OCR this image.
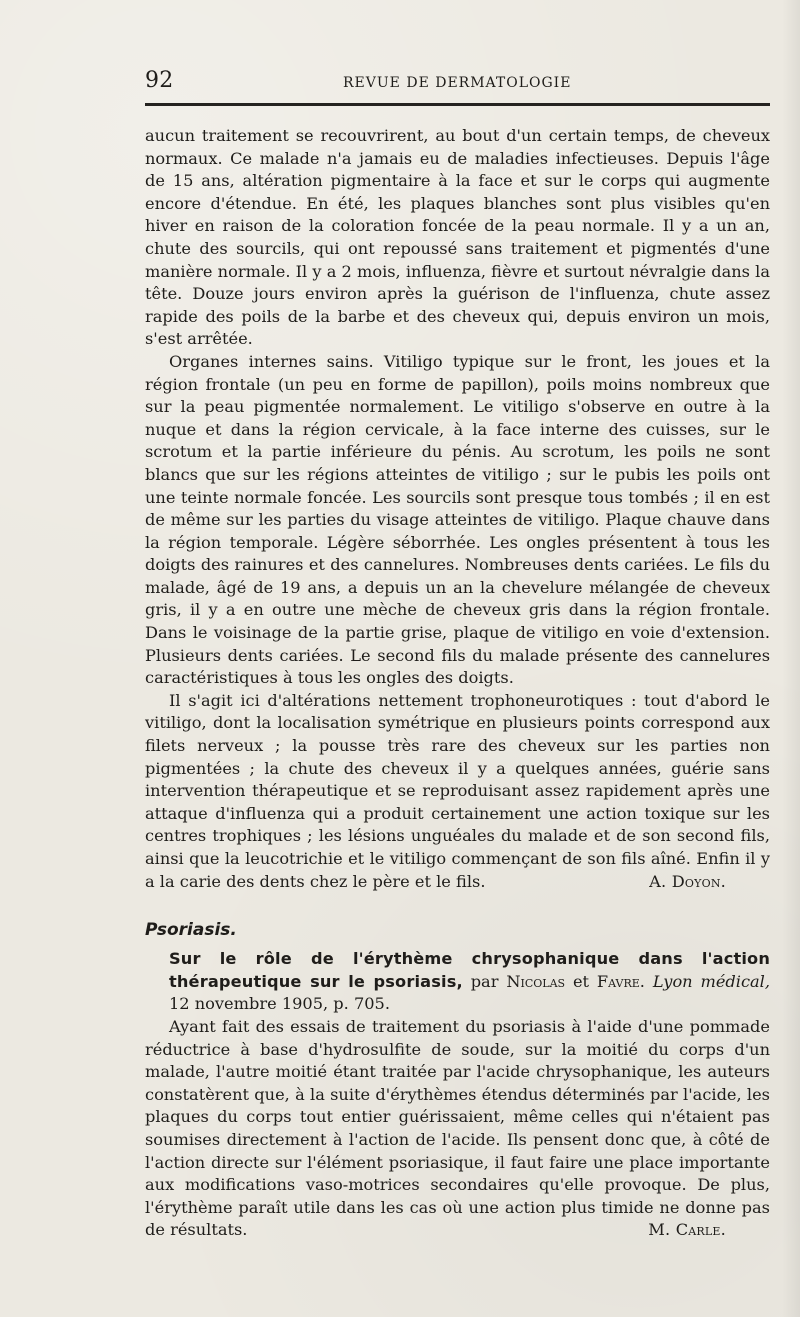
92	REVUE DE DERMATOLOGIE

aucun traitement se recouvrirent, au bout d'un certain temps, de cheveux normaux. Ce malade n'a jamais eu de maladies infectieuses. Depuis l'âge de 15 ans, altération pigmentaire à la face et sur le corps qui augmente encore d'étendue. En été, les plaques blanches sont plus visibles qu'en hiver en raison de la coloration foncée de la peau normale. Il y a un an, chute des sourcils, qui ont repoussé sans traitement et pigmentés d'une manière normale. Il y a 2 mois, influenza, fièvre et surtout névralgie dans la tête. Douze jours environ après la guérison de l'influenza, chute assez rapide des poils de la barbe et des cheveux qui, depuis environ un mois, s'est arrêtée.

Organes internes sains. Vitiligo typique sur le front, les joues et la région frontale (un peu en forme de papillon), poils moins nombreux que sur la peau pigmentée normalement. Le vitiligo s'observe en outre à la nuque et dans la région cervicale, à la face interne des cuisses, sur le scrotum et la partie inférieure du pénis. Au scrotum, les poils ne sont blancs que sur les régions atteintes de vitiligo ; sur le pubis les poils ont une teinte normale foncée. Les sourcils sont presque tous tombés ; il en est de même sur les parties du visage atteintes de vitiligo. Plaque chauve dans la région temporale. Légère séborrhée. Les ongles présentent à tous les doigts des rainures et des cannelures. Nombreuses dents cariées. Le fils du malade, âgé de 19 ans, a depuis un an la chevelure mélangée de cheveux gris, il y a en outre une mèche de cheveux gris dans la région frontale. Dans le voisinage de la partie grise, plaque de vitiligo en voie d'extension. Plusieurs dents cariées. Le second fils du malade présente des cannelures caractéristiques à tous les ongles des doigts.

Il s'agit ici d'altérations nettement trophoneurotiques : tout d'abord le vitiligo, dont la localisation symétrique en plusieurs points correspond aux filets nerveux ; la pousse très rare des cheveux sur les parties non pigmentées ; la chute des cheveux il y a quelques années, guérie sans intervention thérapeutique et se reproduisant assez rapidement après une attaque d'influenza qui a produit certainement une action toxique sur les centres trophiques ; les lésions unguéales du malade et de son second fils, ainsi que la leucotrichie et le vitiligo commençant de son fils aîné. Enfin il y a la carie des dents chez le père et le fils.	A. Doyon.
Psoriasis.

Sur le rôle de l'érythème chrysophanique dans l'action thérapeutique sur le psoriasis, par Nicolas et Favre. Lyon médical, 12 novembre 1905, p. 705.

Ayant fait des essais de traitement du psoriasis à l'aide d'une pommade réductrice à base d'hydrosulfite de soude, sur la moitié du corps d'un malade, l'autre moitié étant traitée par l'acide chrysophanique, les auteurs constatèrent que, à la suite d'érythèmes étendus déterminés par l'acide, les plaques du corps tout entier guérissaient, même celles qui n'étaient pas soumises directement à l'action de l'acide. Ils pensent donc que, à côté de l'action directe sur l'élément psoriasique, il faut faire une place importante aux modifications vaso-motrices secondaires qu'elle provoque. De plus, l'érythème paraît utile dans les cas où une action plus timide ne donne pas de résultats.	M. Carle.
